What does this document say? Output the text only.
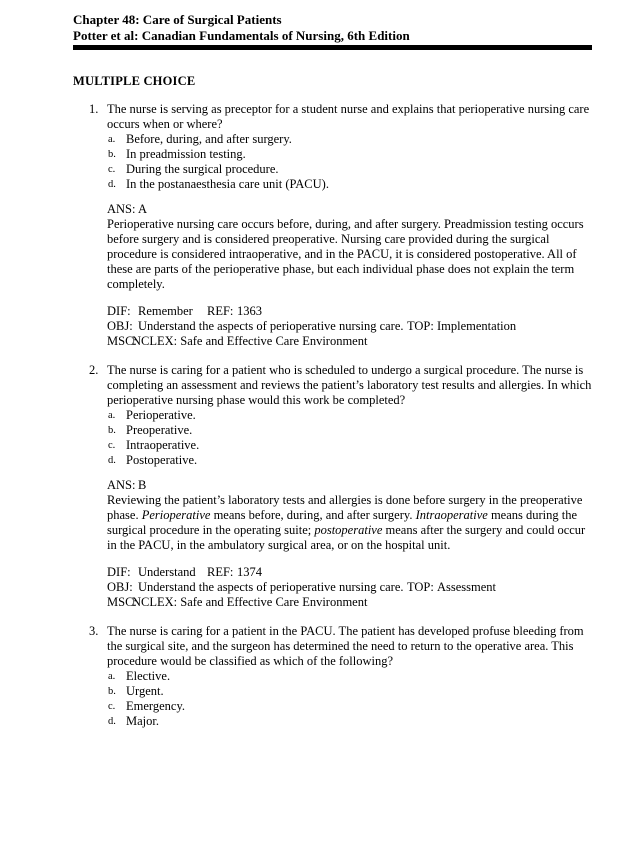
Chapter 48: Care of Surgical Patients
Potter et al: Canadian Fundamentals of Nursing, 6th Edition
MULTIPLE CHOICE
1. The nurse is serving as preceptor for a student nurse and explains that perioperative nursing care occurs when or where?
a. Before, during, and after surgery.
b. In preadmission testing.
c. During the surgical procedure.
d. In the postanaesthesia care unit (PACU).
ANS: A
Perioperative nursing care occurs before, during, and after surgery. Preadmission testing occurs before surgery and is considered preoperative. Nursing care provided during the surgical procedure is considered intraoperative, and in the PACU, it is considered postoperative. All of these are parts of the perioperative phase, but each individual phase does not explain the term completely.
DIF: Remember REF: 1363
OBJ: Understand the aspects of perioperative nursing care. TOP: Implementation
MSC:NCLEX: Safe and Effective Care Environment
2. The nurse is caring for a patient who is scheduled to undergo a surgical procedure. The nurse is completing an assessment and reviews the patient’s laboratory test results and allergies. In which perioperative nursing phase would this work be completed?
a. Perioperative.
b. Preoperative.
c. Intraoperative.
d. Postoperative.
ANS: B
Reviewing the patient’s laboratory tests and allergies is done before surgery in the preoperative phase. Perioperative means before, during, and after surgery. Intraoperative means during the surgical procedure in the operating suite; postoperative means after the surgery and could occur in the PACU, in the ambulatory surgical area, or on the hospital unit.
DIF: Understand REF: 1374
OBJ: Understand the aspects of perioperative nursing care. TOP: Assessment
MSC:NCLEX: Safe and Effective Care Environment
3. The nurse is caring for a patient in the PACU. The patient has developed profuse bleeding from the surgical site, and the surgeon has determined the need to return to the operative area. This procedure would be classified as which of the following?
a. Elective.
b. Urgent.
c. Emergency.
d. Major.
